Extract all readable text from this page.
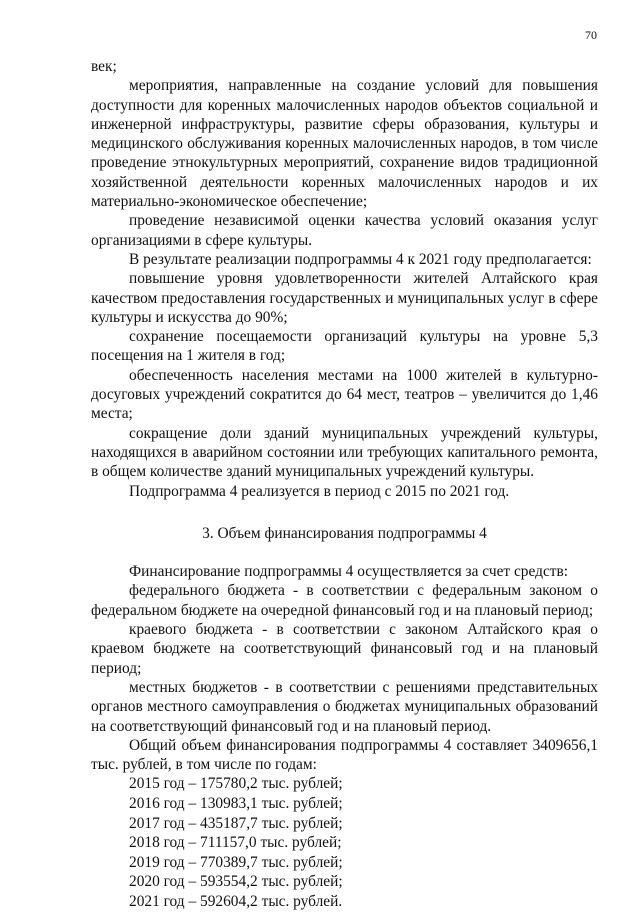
70

век;

мероприятия, направленные на создание условий для повышения доступности для коренных малочисленных народов объектов социальной и инженерной инфраструктуры, развитие сферы образования, культуры и медицинского обслуживания коренных малочисленных народов, в том числе проведение этнокультурных мероприятий, сохранение видов традиционной хозяйственной деятельности коренных малочисленных народов и их материально-экономическое обеспечение;

проведение независимой оценки качества условий оказания услуг организациями в сфере культуры.

В результате реализации подпрограммы 4 к 2021 году предполагается:

повышение уровня удовлетворенности жителей Алтайского края качеством предоставления государственных и муниципальных услуг в сфере культуры и искусства до 90%;

сохранение посещаемости организаций культуры на уровне 5,3 посещения на 1 жителя в год;

обеспеченность населения местами на 1000 жителей в культурно-досуговых учреждений сократится до 64 мест, театров – увеличится до 1,46 места;

сокращение доли зданий муниципальных учреждений культуры, находящихся в аварийном состоянии или требующих капитального ремонта, в общем количестве зданий муниципальных учреждений культуры.

Подпрограмма 4 реализуется в период с 2015 по 2021 год.

3. Объем финансирования подпрограммы 4

Финансирование подпрограммы 4 осуществляется за счет средств:

федерального бюджета - в соответствии с федеральным законом о федеральном бюджете на очередной финансовый год и на плановый период;

краевого бюджета - в соответствии с законом Алтайского края о краевом бюджете на соответствующий финансовый год и на плановый период;

местных бюджетов - в соответствии с решениями представительных органов местного самоуправления о бюджетах муниципальных образований на соответствующий финансовый год и на плановый период.

Общий объем финансирования подпрограммы 4 составляет 3409656,1 тыс. рублей, в том числе по годам:

2015 год – 175780,2 тыс. рублей;
2016 год – 130983,1 тыс. рублей;
2017 год – 435187,7 тыс. рублей;
2018 год – 711157,0 тыс. рублей;
2019 год – 770389,7 тыс. рублей;
2020 год – 593554,2 тыс. рублей;
2021 год – 592604,2 тыс. рублей.
